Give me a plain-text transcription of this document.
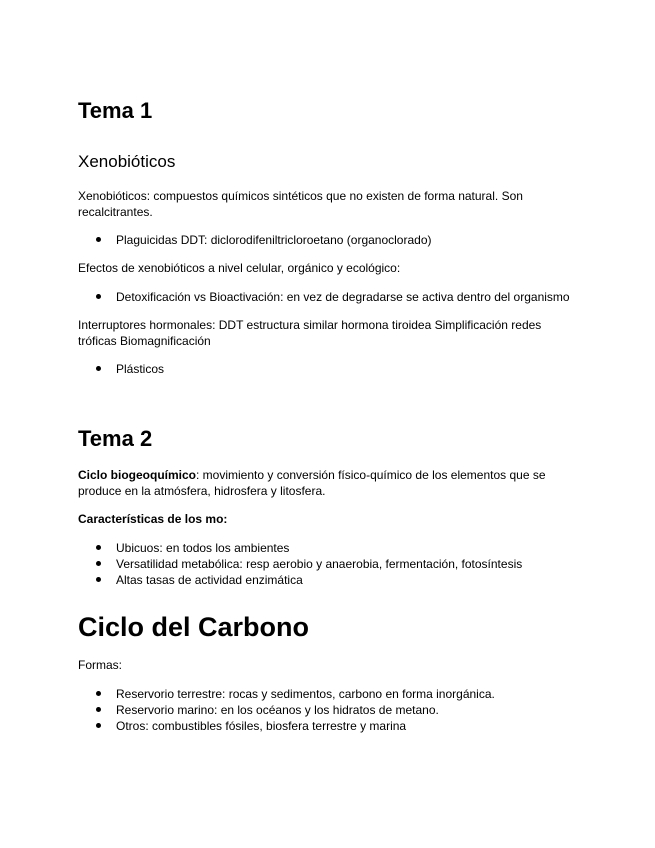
Tema 1
Xenobióticos

Xenobióticos: compuestos químicos sintéticos que no existen de forma natural. Son recalcitrantes.

Plaguicidas DDT: diclorodifeniltricloroetano (organoclorado)

Efectos de xenobióticos a nivel celular, orgánico y ecológico:

Detoxificación vs Bioactivación: en vez de degradarse se activa dentro del organismo

Interruptores hormonales: DDT estructura similar hormona tiroidea Simplificación redes tróficas Biomagnificación

Plásticos
Tema 2

Ciclo biogeoquímico: movimiento y conversión físico-químico de los elementos que se produce en la atmósfera, hidrosfera y litosfera.

Características de los mo:

Ubicuos: en todos los ambientes
Versatilidad metabólica: resp aerobio y anaerobia, fermentación, fotosíntesis
Altas tasas de actividad enzimática
Ciclo del Carbono

Formas:

Reservorio terrestre: rocas y sedimentos, carbono en forma inorgánica.
Reservorio marino: en los océanos y los hidratos de metano.
Otros: combustibles fósiles, biosfera terrestre y marina
